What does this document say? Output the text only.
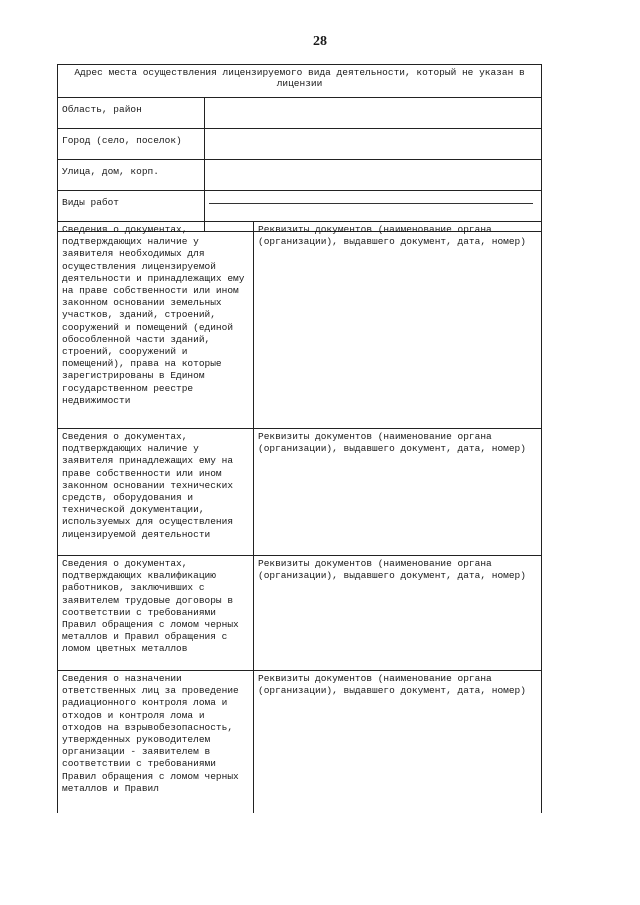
28
Адрес места осуществления лицензируемого вида деятельности, который не указан в лицензии	
Область, район	
Город (село, поселок)	
Улица, дом, корп.	
Виды работ	
Сведения о документах, подтверждающих наличие у заявителя необходимых для осуществления лицензируемой деятельности и принадлежащих ему на праве собственности или ином законном основании земельных участков, зданий, строений, сооружений и помещений (единой обособленной части зданий, строений, сооружений и помещений), права на которые зарегистрированы в Едином государственном реестре недвижимости	Реквизиты документов (наименование органа (организации), выдавшего документ, дата, номер)
Сведения о документах, подтверждающих наличие у заявителя принадлежащих ему на праве собственности или ином законном основании технических средств, оборудования и технической документации, используемых для осуществления лицензируемой деятельности	Реквизиты документов (наименование органа (организации), выдавшего документ, дата, номер)
Сведения о документах, подтверждающих квалификацию работников, заключивших с заявителем трудовые договоры в соответствии с требованиями Правил обращения с ломом черных металлов и Правил обращения с ломом цветных металлов	Реквизиты документов (наименование органа (организации), выдавшего документ, дата, номер)
Сведения о назначении ответственных лиц за проведение радиационного контроля лома и отходов и контроля лома и отходов на взрывобезопасность, утвержденных руководителем организации - заявителем в соответствии с требованиями Правил обращения с ломом черных металлов и Правил	Реквизиты документов (наименование органа (организации), выдавшего документ, дата, номер)
